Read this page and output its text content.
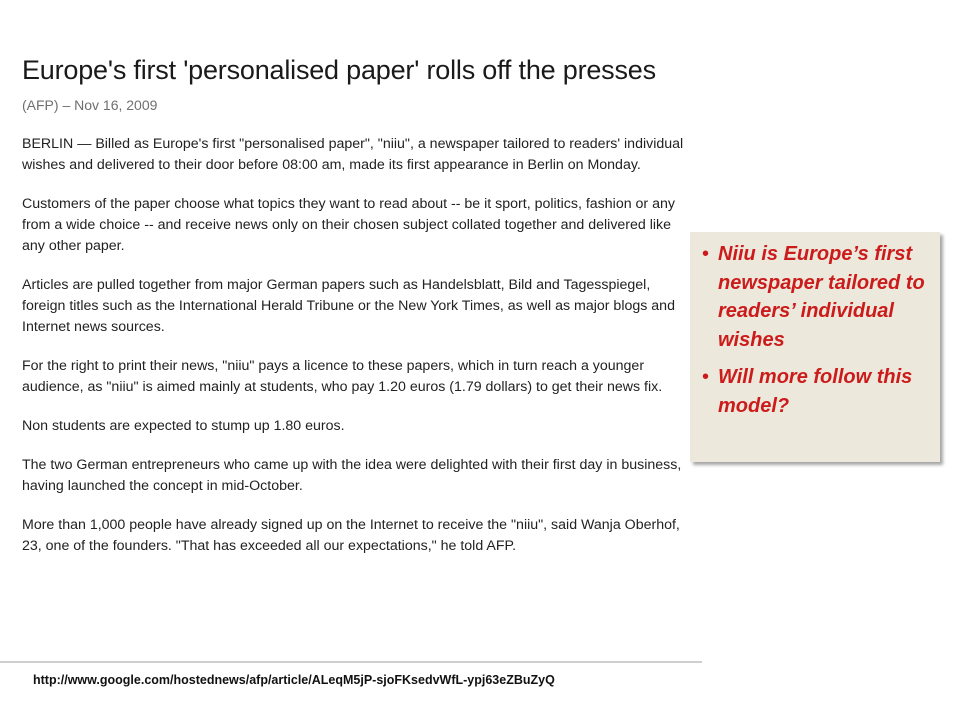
Europe's first 'personalised paper' rolls off the presses
(AFP) – Nov 16, 2009

BERLIN — Billed as Europe's first "personalised paper", "niiu", a newspaper tailored to readers' individual wishes and delivered to their door before 08:00 am, made its first appearance in Berlin on Monday.

Customers of the paper choose what topics they want to read about -- be it sport, politics, fashion or any from a wide choice -- and receive news only on their chosen subject collated together and delivered like any other paper.

Articles are pulled together from major German papers such as Handelsblatt, Bild and Tagesspiegel, foreign titles such as the International Herald Tribune or the New York Times, as well as major blogs and Internet news sources.

For the right to print their news, "niiu" pays a licence to these papers, which in turn reach a younger audience, as "niiu" is aimed mainly at students, who pay 1.20 euros (1.79 dollars) to get their news fix.

Non students are expected to stump up 1.80 euros.

The two German entrepreneurs who came up with the idea were delighted with their first day in business, having launched the concept in mid-October.

More than 1,000 people have already signed up on the Internet to receive the "niiu", said Wanja Oberhof, 23, one of the founders. "That has exceeded all our expectations," he told AFP.

http://www.google.com/hostednews/afp/article/ALeqM5jP-sjoFKsedvWfL-ypj63eZBuZyQ
• Niiu is Europe’s first newspaper tailored to readers’ individual wishes
• Will more follow this model?
